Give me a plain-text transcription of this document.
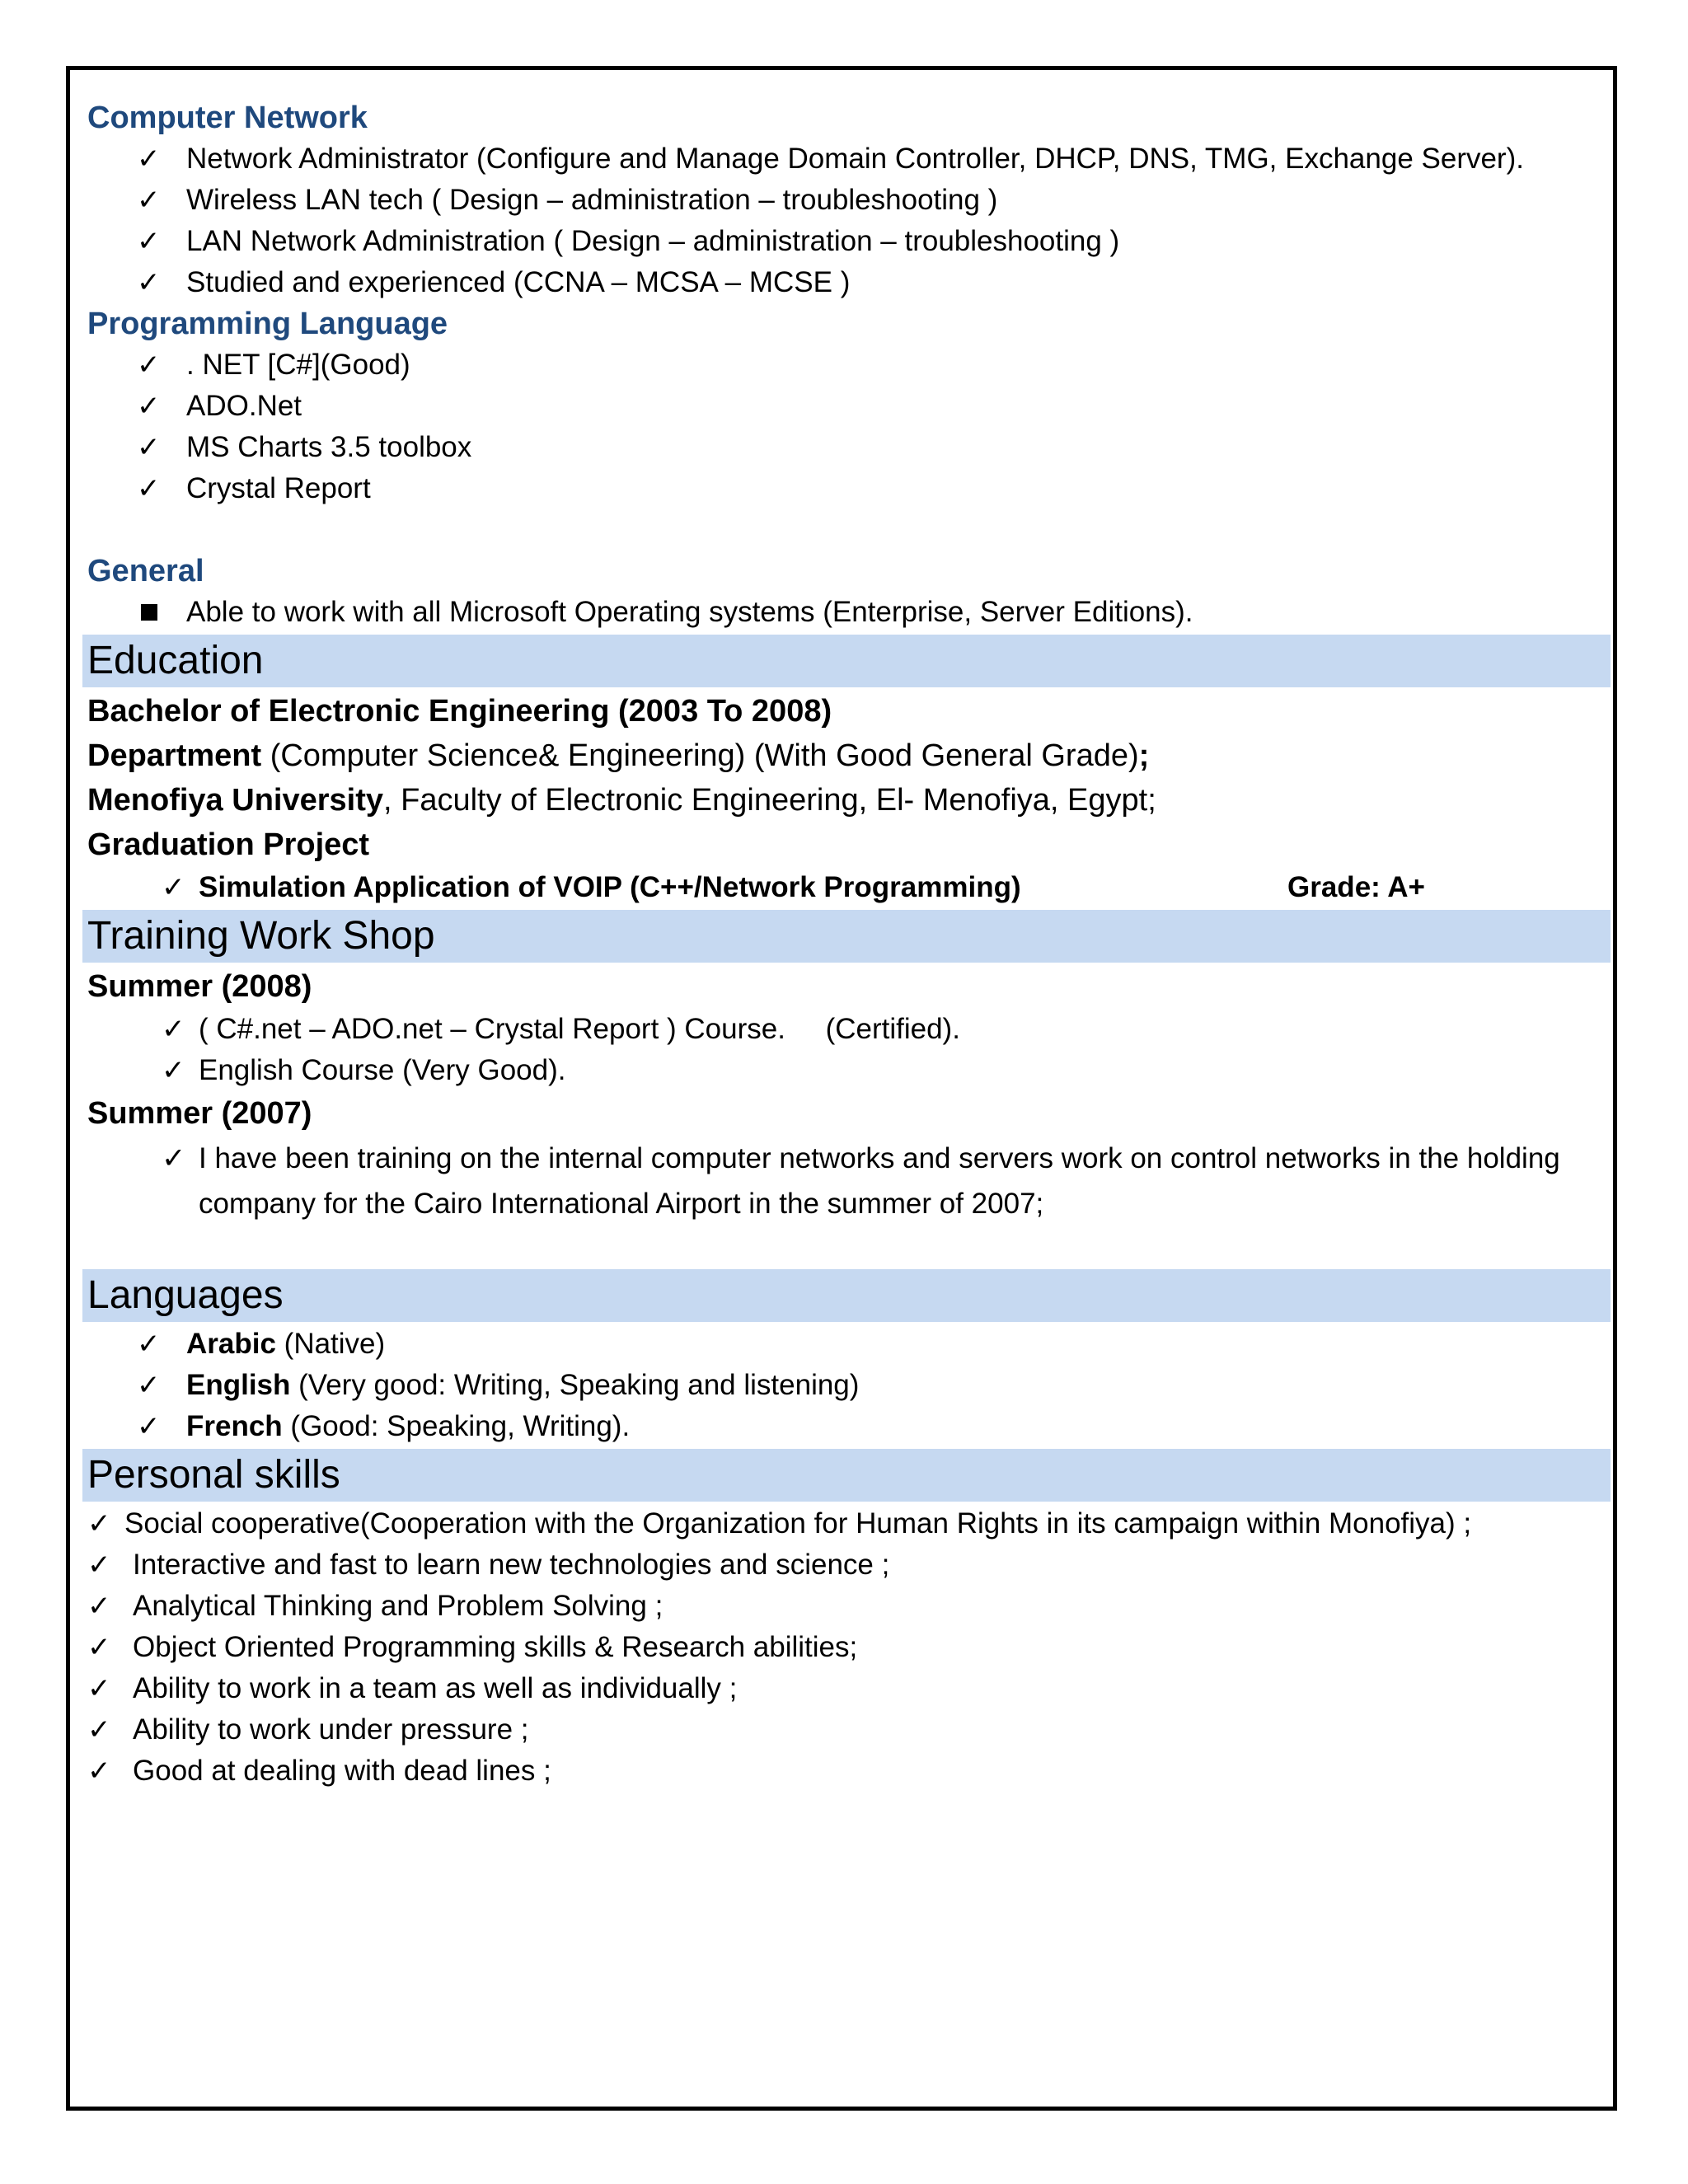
Computer Network
✓ Network Administrator (Configure and Manage Domain Controller, DHCP, DNS, TMG, Exchange Server).
✓ Wireless LAN tech ( Design – administration – troubleshooting )
✓ LAN Network Administration ( Design – administration – troubleshooting )
✓ Studied and experienced (CCNA – MCSA – MCSE )
Programming Language
✓ . NET [C#](Good)
✓ ADO.Net
✓ MS Charts 3.5 toolbox
✓ Crystal Report
General
Able to work with all Microsoft Operating systems (Enterprise, Server Editions).
Education
Bachelor of Electronic Engineering (2003 To 2008)
Department (Computer Science& Engineering) (With Good General Grade);
Menofiya University, Faculty of Electronic Engineering, El- Menofiya, Egypt;
Graduation Project
✓ Simulation Application of VOIP (C++/Network Programming)	Grade: A+
Training Work Shop
Summer (2008)
✓ ( C#.net – ADO.net – Crystal Report ) Course.     (Certified).
✓ English Course (Very Good).
Summer (2007)
✓ I have been training on the internal computer networks and servers work on control networks in the holding company for the Cairo International Airport in the summer of 2007;
Languages
✓ Arabic (Native)
✓ English (Very good: Writing, Speaking and listening)
✓ French (Good: Speaking, Writing).
Personal skills
✓ Social cooperative(Cooperation with the Organization for Human Rights in its campaign within Monofiya) ;
✓ Interactive and fast to learn new technologies and science ;
✓ Analytical Thinking and Problem Solving ;
✓ Object Oriented Programming skills & Research abilities;
✓ Ability to work in a team as well as individually ;
✓ Ability to work under pressure ;
✓ Good at dealing with dead lines ;
